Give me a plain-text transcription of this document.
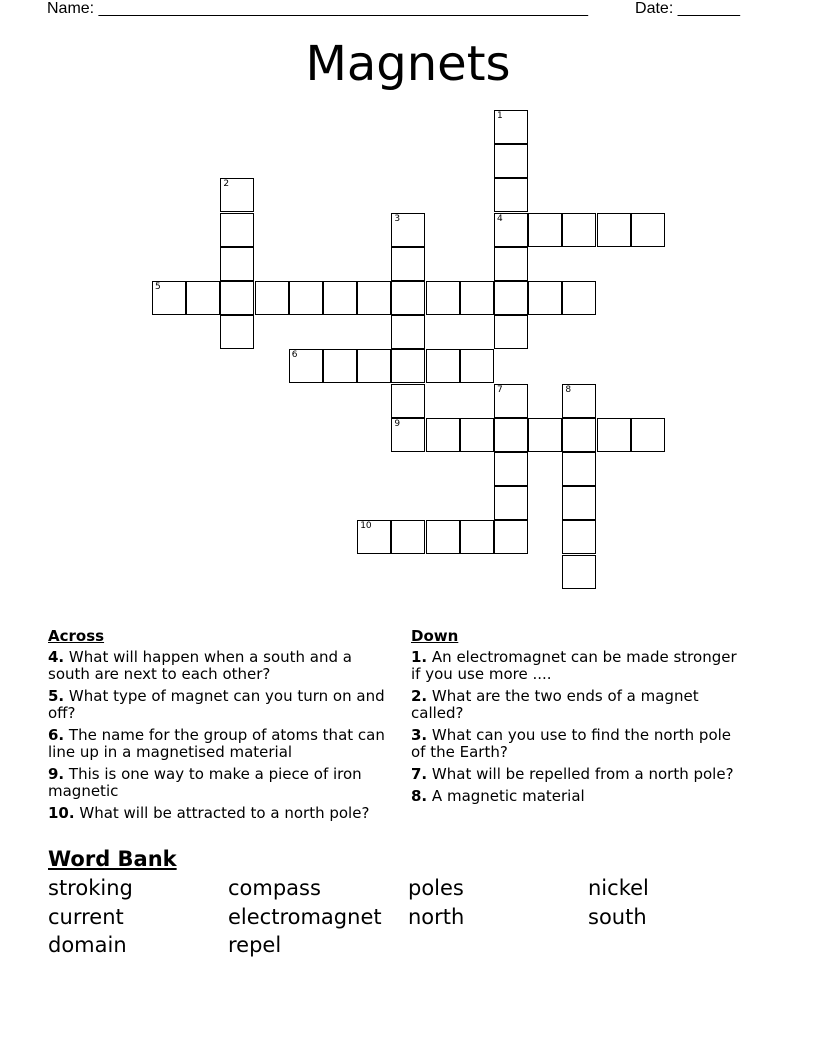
Name: _______________________________________________________	Date: _______
Magnets
1
4
2
3
5
6
7	8
9
10
Across
4. What will happen when a south and a south are next to each other?
5. What type of magnet can you turn on and off?
6. The name for the group of atoms that can line up in a magnetised material
9. This is one way to make a piece of iron magnetic
10. What will be attracted to a north pole?
Down
1. An electromagnet can be made stronger if you use more ....
2. What are the two ends of a magnet called?
3. What can you use to find the north pole of the Earth?
7. What will be repelled from a north pole?
8. A magnetic material
Word Bank
stroking	compass	poles	nickel
current	electromagnet	north	south
domain	repel
